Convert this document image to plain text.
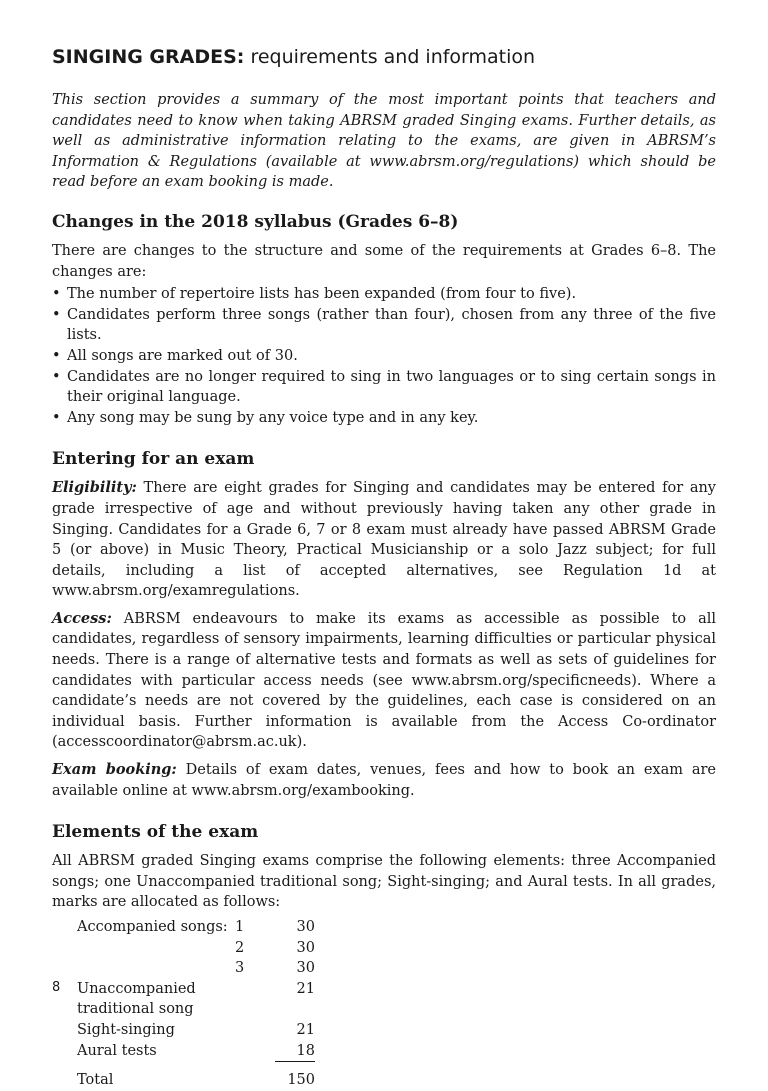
SINGING GRADES: requirements and information

This section provides a summary of the most important points that teachers and candidates need to know when taking ABRSM graded Singing exams. Further details, as well as administrative information relating to the exams, are given in ABRSM’s Information & Regulations (available at www.abrsm.org/regulations) which should be read before an exam booking is made.

Changes in the 2018 syllabus (Grades 6–8)

There are changes to the structure and some of the requirements at Grades 6–8. The changes are:

• The number of repertoire lists has been expanded (from four to five).
• Candidates perform three songs (rather than four), chosen from any three of the five lists.
• All songs are marked out of 30.
• Candidates are no longer required to sing in two languages or to sing certain songs in their original language.
• Any song may be sung by any voice type and in any key.
Entering for an exam

Eligibility: There are eight grades for Singing and candidates may be entered for any grade irrespective of age and without previously having taken any other grade in Singing. Candidates for a Grade 6, 7 or 8 exam must already have passed ABRSM Grade 5 (or above) in Music Theory, Practical Musicianship or a solo Jazz subject; for full details, including a list of accepted alternatives, see Regulation 1d at www.abrsm.org/examregulations.

Access: ABRSM endeavours to make its exams as accessible as possible to all candidates, regardless of sensory impairments, learning difficulties or particular physical needs. There is a range of alternative tests and formats as well as sets of guidelines for candidates with particular access needs (see www.abrsm.org/specificneeds). Where a candidate’s needs are not covered by the guidelines, each case is considered on an individual basis. Further information is available from the Access Co-ordinator (accesscoordinator@abrsm.ac.uk).

Exam booking: Details of exam dates, venues, fees and how to book an exam are available online at www.abrsm.org/exambooking.

Elements of the exam

All ABRSM graded Singing exams comprise the following elements: three Accompanied songs; one Unaccompanied traditional song; Sight-singing; and Aural tests. In all grades, marks are allocated as follows:

Accompanied songs:	1	30
	2	30
	3	30
Unaccompanied traditional song		21
Sight-singing		21
Aural tests		18
Total		150
8
